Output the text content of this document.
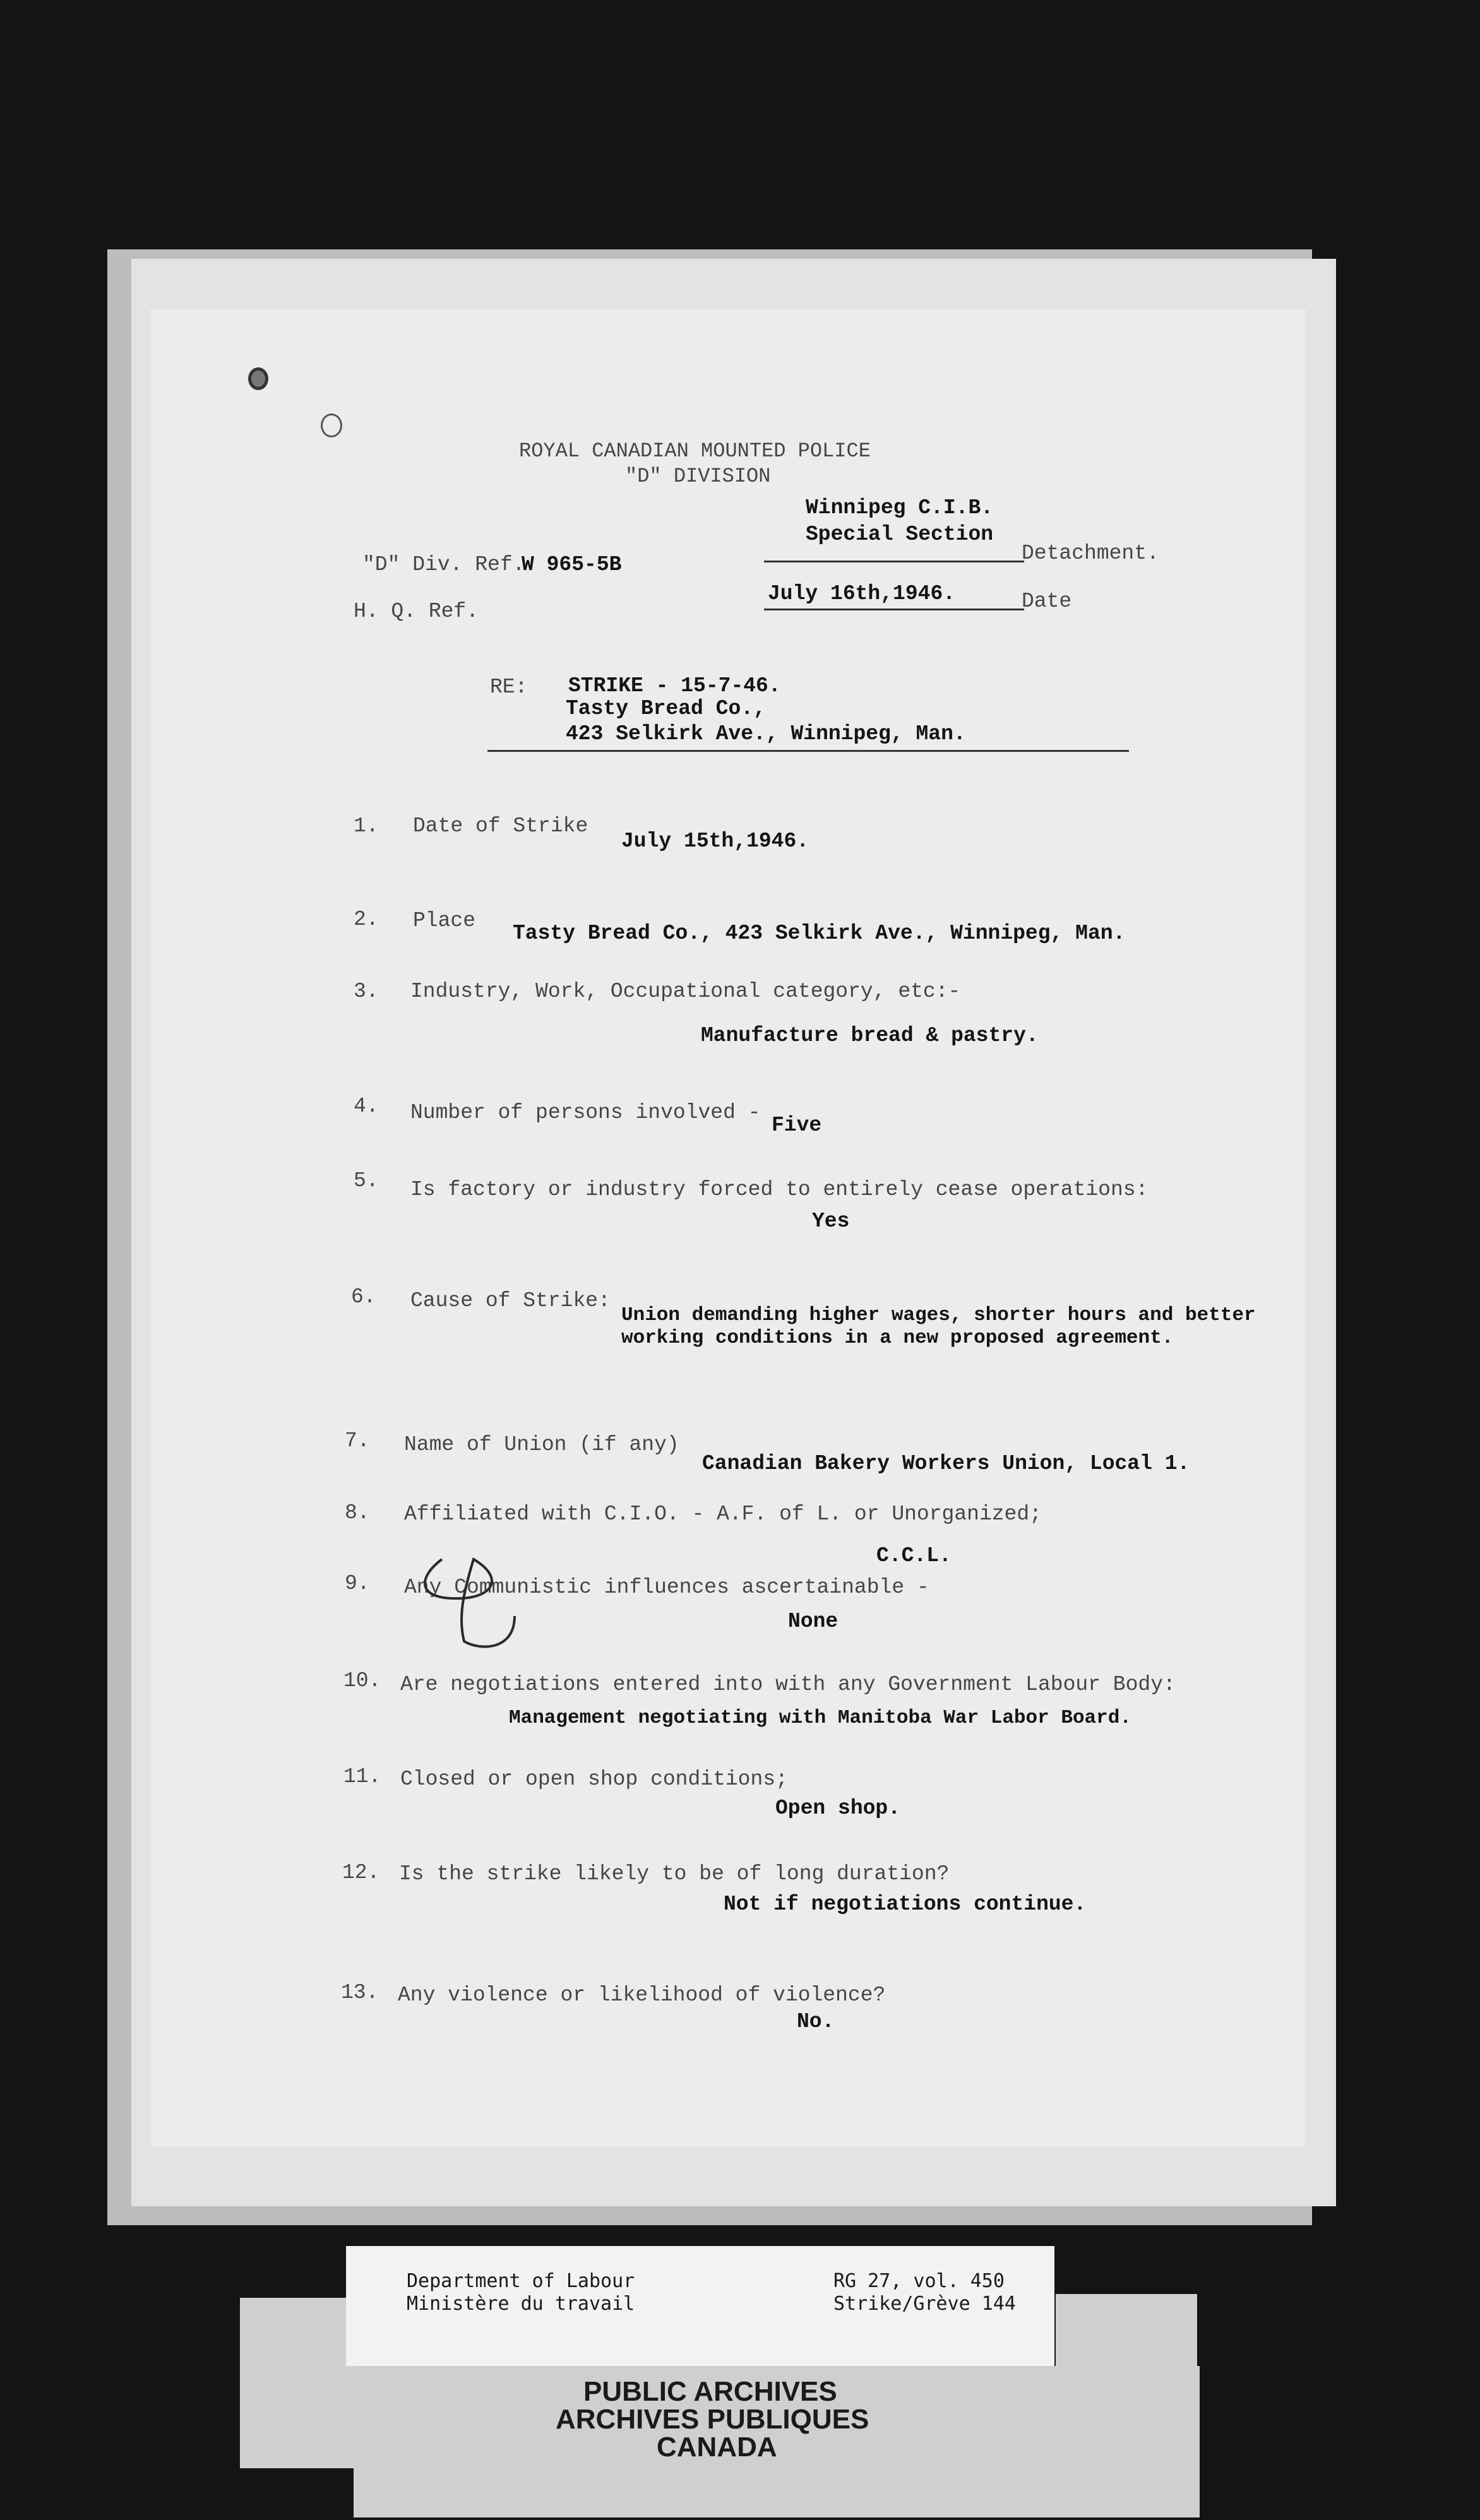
ROYAL CANADIAN MOUNTED POLICE
"D" DIVISION
Winnipeg C.I.B.
Special Section
Detachment.
"D" Div. Ref.
W 965-5B
July 16th,1946.	Date
H. Q. Ref.
RE: STRIKE - 15-7-46.
Tasty Bread Co.,
423 Selkirk Ave., Winnipeg, Man.
1. Date of Strike
July 15th,1946.
2. Place
Tasty Bread Co., 423 Selkirk Ave., Winnipeg, Man.
3. Industry, Work, Occupational category, etc:-
Manufacture bread & pastry.
4. Number of persons involved -
Five
5. Is factory or industry forced to entirely cease operations:
Yes
6. Cause of Strike:
Union demanding higher wages, shorter hours and better
working conditions in a new proposed agreement.
7. Name of Union (if any)
Canadian Bakery Workers Union, Local 1.
8. Affiliated with C.I.O. - A.F. of L. or Unorganized;
C.C.L.
9. Any Communistic influences ascertainable -
None
10. Are negotiations entered into with any Government Labour Body:
Management negotiating with Manitoba War Labor Board.
11. Closed or open shop conditions;
Open shop.
12. Is the strike likely to be of long duration?
Not if negotiations continue.
13. Any violence or likelihood of violence?
No.
Department of Labour
Ministère du travail
RG 27, vol. 450
Strike/Grève 144
PUBLIC ARCHIVES
ARCHIVES PUBLIQUES
CANADA
